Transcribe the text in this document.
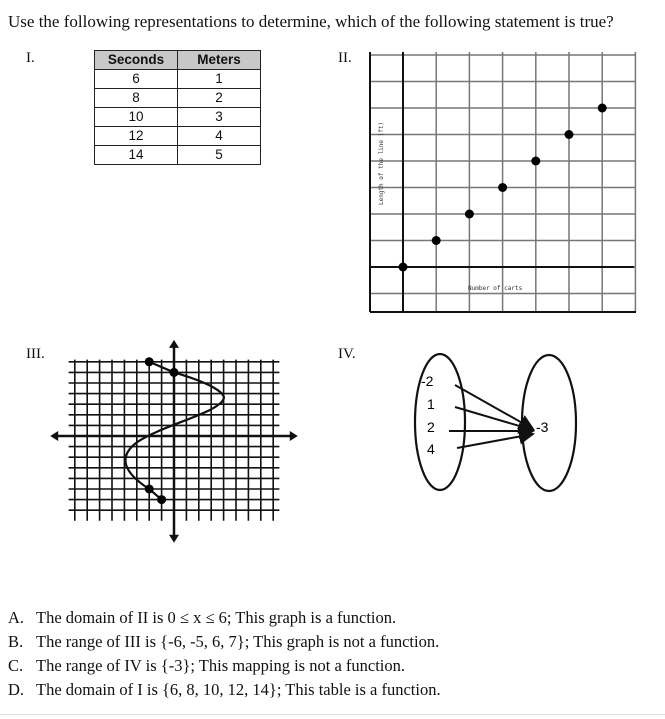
Use the following representations to determine, which of the following statement is true?
I.	II.
III.	IV.
Seconds	Meters
6	1
8	2
10	3
12	4
14	5	Length of the line (ft)
Number of carts
-2
1
2
4
-3
A. The domain of II is 0 ≤ x ≤ 6; This graph is a function.
B. The range of III is {-6, -5, 6, 7}; This graph is not a function.
C. The range of IV is {-3}; This mapping is not a function.
D. The domain of I is {6, 8, 10, 12, 14}; This table is a function.
